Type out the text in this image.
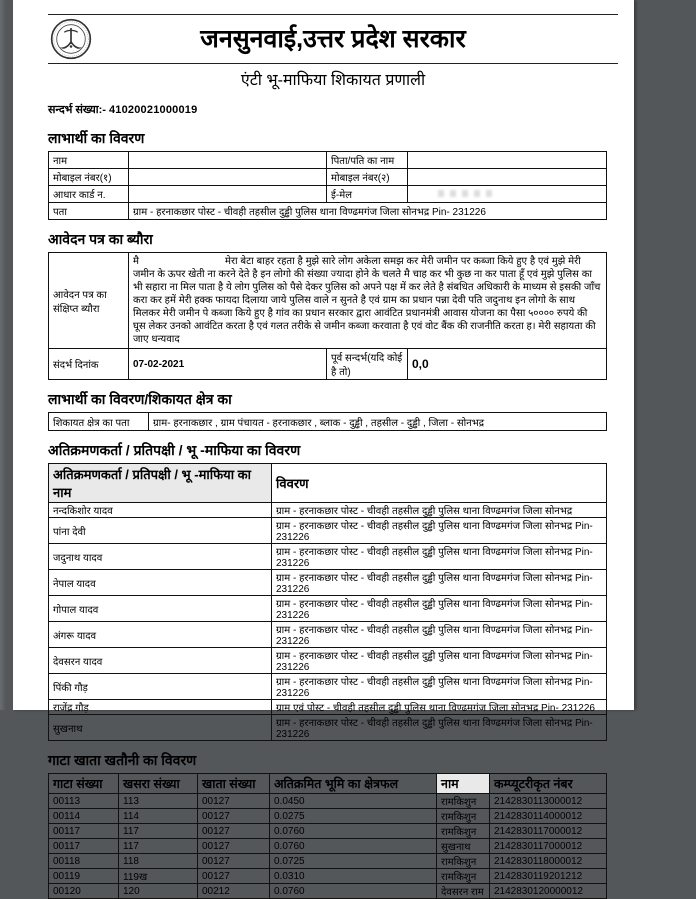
जनसुनवाई,उत्तर प्रदेश सरकार
एंटी भू-माफिया शिकायत प्रणाली
सन्दर्भ संख्या:- 41020021000019
लाभार्थी का विवरण
नाम		पिता/पति का नाम	
मोबाइल नंबर(१)		मोबाइल नंबर(२)	
आधार कार्ड न.		ई-मेल	
पता	ग्राम - हरनाकछार पोस्ट - चीवही तहसील दुड्ढी पुलिस थाना विण्ढमगंज जिला सोनभद्र Pin- 231226		
आवेदन पत्र का ब्यौरा
आवेदन पत्र का संक्षिप्त ब्यौरा	मै मेरा बेटा बाहर रहता है मुझे सारे लोग अकेला समझ कर मेरी जमीन पर कब्जा किये हुए है एवं मुझे मेरी जमीन के ऊपर खेती ना करने देते है इन लोगो की संख्या ज्यादा होने के चलते मै चाह कर भी कुछ ना कर पाता हूँ एवं मुझे पुलिस का भी सहारा ना मिल पाता है ये लोग पुलिस को पैसे देकर पुलिस को अपने पक्ष में कर लेते है संबधित अधिकारी के माध्यम से इसकी जाँच करा कर हमें मेरी हक्क फायदा दिलाया जाये पुलिस वाले न सुनते है एवं ग्राम का प्रधान पन्ना देवी पति जदुनाथ इन लोगो के साथ मिलकर मेरी जमीन पे कब्जा किये हुए है गांव का प्रधान सरकार द्वारा आवंटित प्रधानमंत्री आवास योजना का पैसा ५०००० रुपये की घूस लेकर उनको आवंटित करता है एवं गलत तरीके से जमीन कब्जा करवाता है एवं वोट बैंक की राजनीति करता ह। मेरी सहायता की जाए धन्यवाद		
संदर्भ दिनांक	07-02-2021	पूर्व सन्दर्भ(यदि कोई है तो)	0,0
लाभार्थी का विवरण/शिकायत क्षेत्र का
शिकायत क्षेत्र का पता	ग्राम- हरनाकछार , ग्राम पंचायत - हरनाकछार , ब्लाक - दुड्ढी , तहसील - दुड्ढी , जिला - सोनभद्र
अतिक्रमणकर्ता / प्रतिपक्षी / भू -माफिया का विवरण
अतिक्रमणकर्ता / प्रतिपक्षी / भू -माफिया का नाम	विवरण
नन्दकिशोर यादव	ग्राम - हरनाकछार पोस्ट - चीवही तहसील दुड्ढी पुलिस थाना विण्ढमगंज जिला सोनभद्र
पांना देवी	ग्राम - हरनाकछार पोस्ट - चीवही तहसील दुड्ढी पुलिस थाना विण्ढमगंज जिला सोनभद्र Pin- 231226
जदुनाथ यादव	ग्राम - हरनाकछार पोस्ट - चीवही तहसील दुड्ढी पुलिस थाना विण्ढमगंज जिला सोनभद्र Pin- 231226
नेपाल यादव	ग्राम - हरनाकछार पोस्ट - चीवही तहसील दुड्ढी पुलिस थाना विण्ढमगंज जिला सोनभद्र Pin- 231226
गोपाल यादव	ग्राम - हरनाकछार पोस्ट - चीवही तहसील दुड्ढी पुलिस थाना विण्ढमगंज जिला सोनभद्र Pin- 231226
अंगरू यादव	ग्राम - हरनाकछार पोस्ट - चीवही तहसील दुड्ढी पुलिस थाना विण्ढमगंज जिला सोनभद्र Pin- 231226
देवसरन यादव	ग्राम - हरनाकछार पोस्ट - चीवही तहसील दुड्ढी पुलिस थाना विण्ढमगंज जिला सोनभद्र Pin- 231226
पिंकी गौड़	ग्राम - हरनाकछार पोस्ट - चीवही तहसील दुड्ढी पुलिस थाना विण्ढमगंज जिला सोनभद्र Pin- 231226
राजेंद्र गौड़	ग्राम एवं पोस्ट - चीवही तहसील दुड्ढी पुलिस थाना विण्ढमगंज जिला सोनभद्र Pin- 231226
सुखनाथ	ग्राम - हरनाकछार पोस्ट - चीवही तहसील दुड्ढी पुलिस थाना विण्ढमगंज जिला सोनभद्र Pin- 231226
गाटा खाता खतौनी का विवरण
गाटा संख्या	खसरा संख्या	खाता संख्या	अतिक्रमित भूमि का क्षेत्रफल	नाम	कम्प्यूटरीकृत नंबर
00113	113	00127	0.0450	रामकिशुन	2142830113000012
00114	114	00127	0.0275	रामकिशुन	2142830114000012
00117	117	00127	0.0760	रामकिशुन	2142830117000012
00117	117	00127	0.0760	सुखनाथ	2142830117000012
00118	118	00127	0.0725	रामकिशुन	2142830118000012
00119	119ख	00127	0.0310	रामकिशुन	2142830119201212
00120	120	00212	0.0760	देवसरन राम	2142830120000012
